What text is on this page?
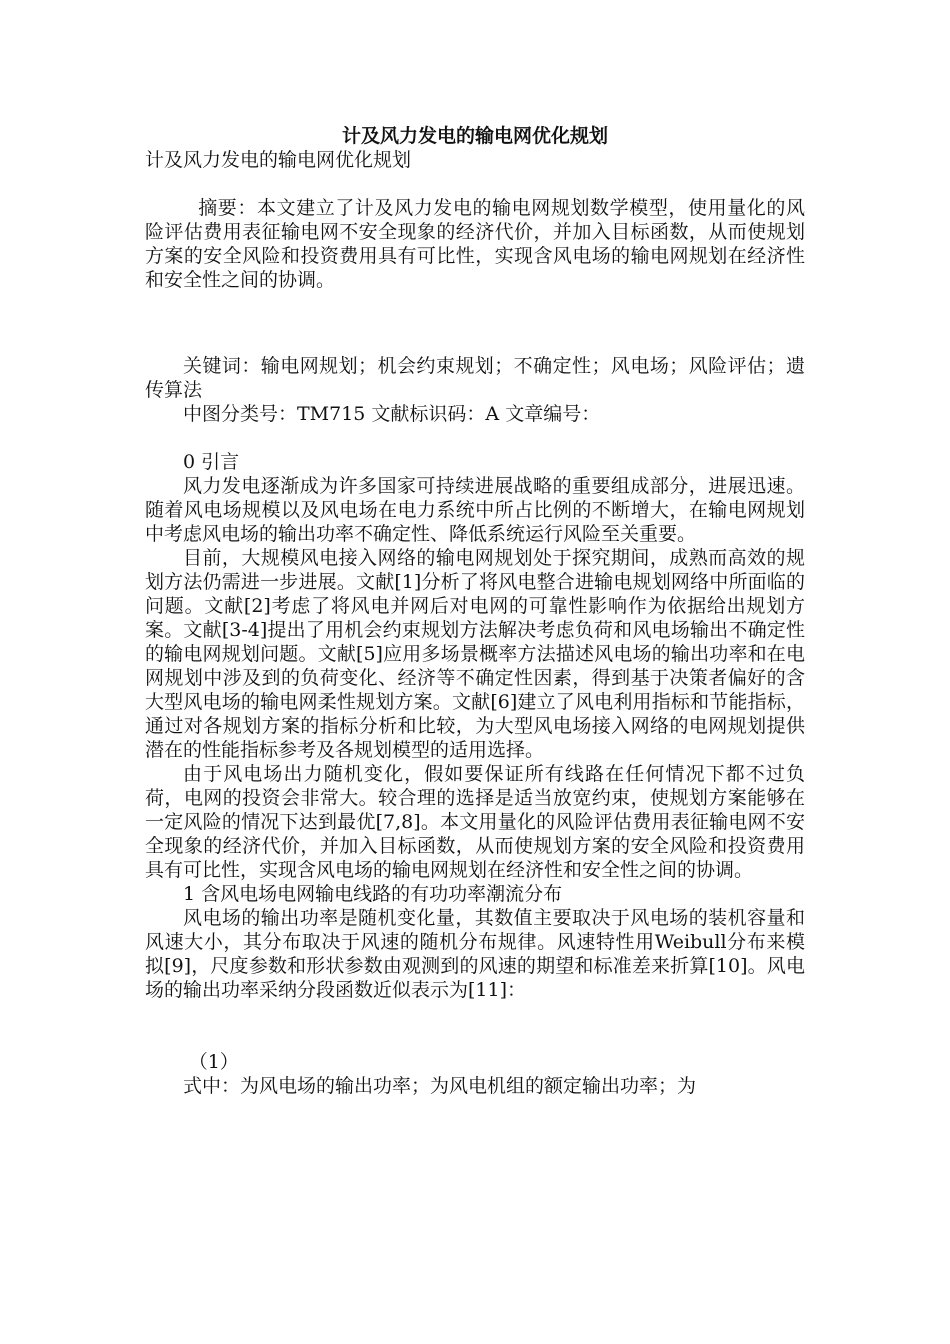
计及风力发电的输电网优化规划
计及风力发电的输电网优化规划

摘要：本文建立了计及风力发电的输电网规划数学模型，使用量化的风险评估费用表征输电网不安全现象的经济代价，并加入目标函数，从而使规划方案的安全风险和投资费用具有可比性，实现含风电场的输电网规划在经济性和安全性之间的协调。

关键词：输电网规划；机会约束规划；不确定性；风电场；风险评估；遗传算法

中图分类号：TM715 文献标识码：A 文章编号：

0 引言

风力发电逐渐成为许多国家可持续进展战略的重要组成部分，进展迅速。随着风电场规模以及风电场在电力系统中所占比例的不断增大，在输电网规划中考虑风电场的输出功率不确定性、降低系统运行风险至关重要。

目前，大规模风电接入网络的输电网规划处于探究期间，成熟而高效的规划方法仍需进一步进展。文献[1]分析了将风电整合进输电规划网络中所面临的问题。文献[2]考虑了将风电并网后对电网的可靠性影响作为依据给出规划方案。文献[3-4]提出了用机会约束规划方法解决考虑负荷和风电场输出不确定性的输电网规划问题。文献[5]应用多场景概率方法描述风电场的输出功率和在电网规划中涉及到的负荷变化、经济等不确定性因素，得到基于决策者偏好的含大型风电场的输电网柔性规划方案。文献[6]建立了风电利用指标和节能指标，通过对各规划方案的指标分析和比较，为大型风电场接入网络的电网规划提供潜在的性能指标参考及各规划模型的适用选择。

由于风电场出力随机变化，假如要保证所有线路在任何情况下都不过负荷，电网的投资会非常大。较合理的选择是适当放宽约束，使规划方案能够在一定风险的情况下达到最优[7,8]。本文用量化的风险评估费用表征输电网不安全现象的经济代价，并加入目标函数，从而使规划方案的安全风险和投资费用具有可比性，实现含风电场的输电网规划在经济性和安全性之间的协调。

1 含风电场电网输电线路的有功功率潮流分布

风电场的输出功率是随机变化量，其数值主要取决于风电场的装机容量和风速大小，其分布取决于风速的随机分布规律。风速特性用Weibull分布来模拟[9]，尺度参数和形状参数由观测到的风速的期望和标准差来折算[10]。风电场的输出功率采纳分段函数近似表示为[11]：

（1）

式中：为风电场的输出功率；为风电机组的额定输出功率；为
